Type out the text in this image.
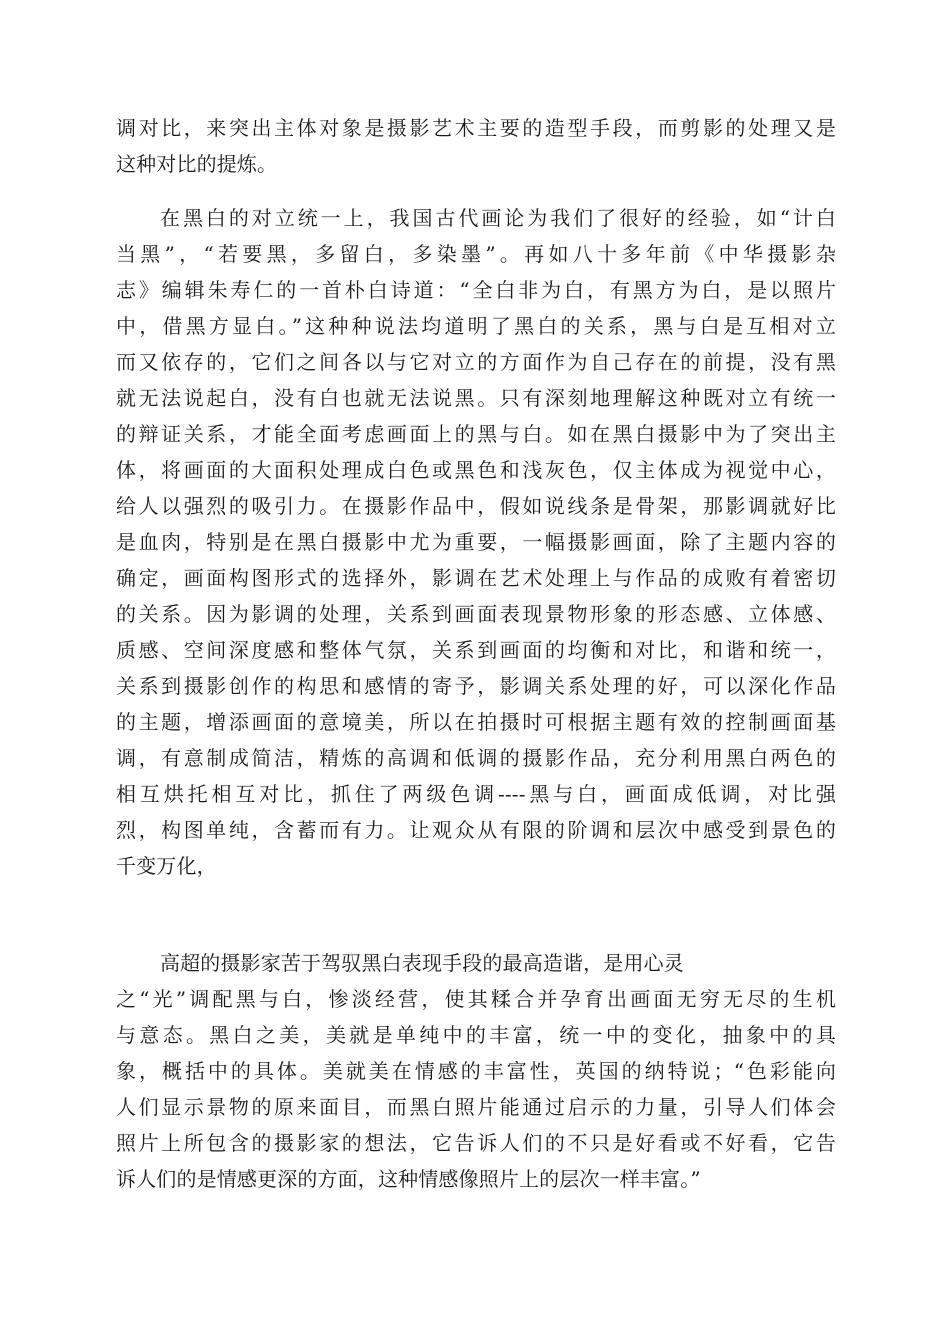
调对比，来突出主体对象是摄影艺术主要的造型手段，而剪影的处理又是
这种对比的提炼。
在黑白的对立统一上，我国古代画论为我们了很好的经验，如“计白
当黑”，“若要黑，多留白，多染墨”。再如八十多年前《中华摄影杂
志》编辑朱寿仁的一首朴白诗道：“全白非为白，有黑方为白，是以照片
中，借黑方显白。”这种种说法均道明了黑白的关系，黑与白是互相对立
而又依存的，它们之间各以与它对立的方面作为自己存在的前提，没有黑
就无法说起白，没有白也就无法说黑。只有深刻地理解这种既对立有统一
的辩证关系，才能全面考虑画面上的黑与白。如在黑白摄影中为了突出主
体，将画面的大面积处理成白色或黑色和浅灰色，仅主体成为视觉中心，
给人以强烈的吸引力。在摄影作品中，假如说线条是骨架，那影调就好比
是血肉，特别是在黑白摄影中尤为重要，一幅摄影画面，除了主题内容的
确定，画面构图形式的选择外，影调在艺术处理上与作品的成败有着密切
的关系。因为影调的处理，关系到画面表现景物形象的形态感、立体感、
质感、空间深度感和整体气氛，关系到画面的均衡和对比，和谐和统一，
关系到摄影创作的构思和感情的寄予，影调关系处理的好，可以深化作品
的主题，增添画面的意境美，所以在拍摄时可根据主题有效的控制画面基
调，有意制成简洁，精炼的高调和低调的摄影作品，充分利用黑白两色的
相互烘托相互对比，抓住了两级色调----黑与白，画面成低调，对比强
烈，构图单纯，含蓄而有力。让观众从有限的阶调和层次中感受到景色的
千变万化，
高超的摄影家苦于驾驭黑白表现手段的最高造谐，是用心灵
之“光”调配黑与白，惨淡经营，使其糅合并孕育出画面无穷无尽的生机
与意态。黑白之美，美就是单纯中的丰富，统一中的变化，抽象中的具
象，概括中的具体。美就美在情感的丰富性，英国的纳特说；“色彩能向
人们显示景物的原来面目，而黑白照片能通过启示的力量，引导人们体会
照片上所包含的摄影家的想法，它告诉人们的不只是好看或不好看，它告
诉人们的是情感更深的方面，这种情感像照片上的层次一样丰富。”
